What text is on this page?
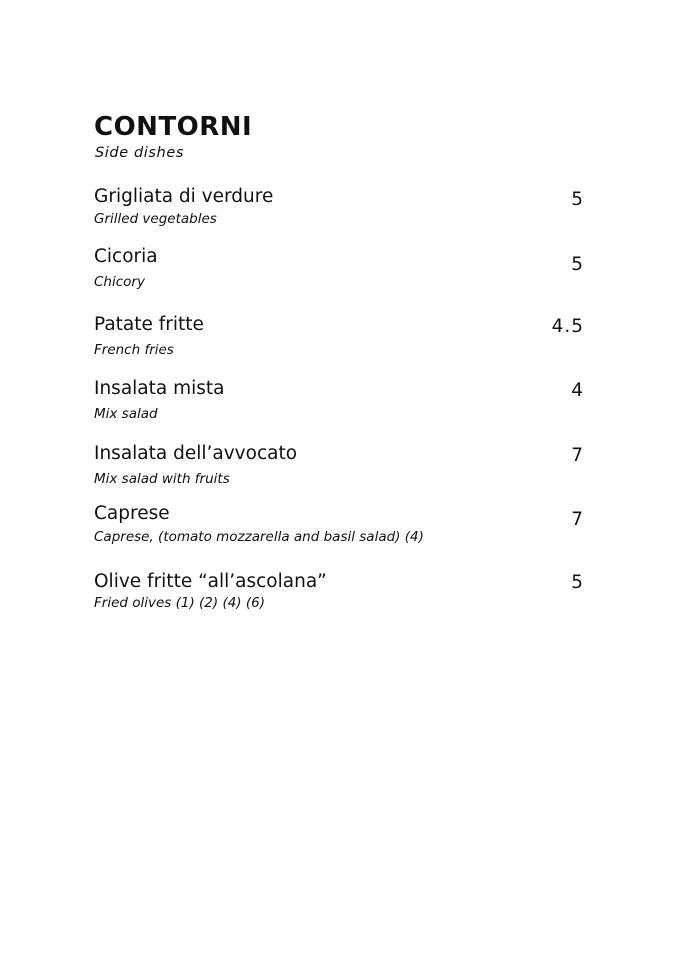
CONTORNI
Side dishes
Grigliata di verdure
Grilled vegetables
5
Cicoria
Chicory
5
Patate fritte
French fries
4.5
Insalata mista
Mix salad
4
Insalata dell’avvocato
Mix salad with fruits
7
Caprese
Caprese, (tomato mozzarella and basil salad) (4)
7
Olive fritte “all’ascolana”
Fried olives (1) (2) (4) (6)
5
